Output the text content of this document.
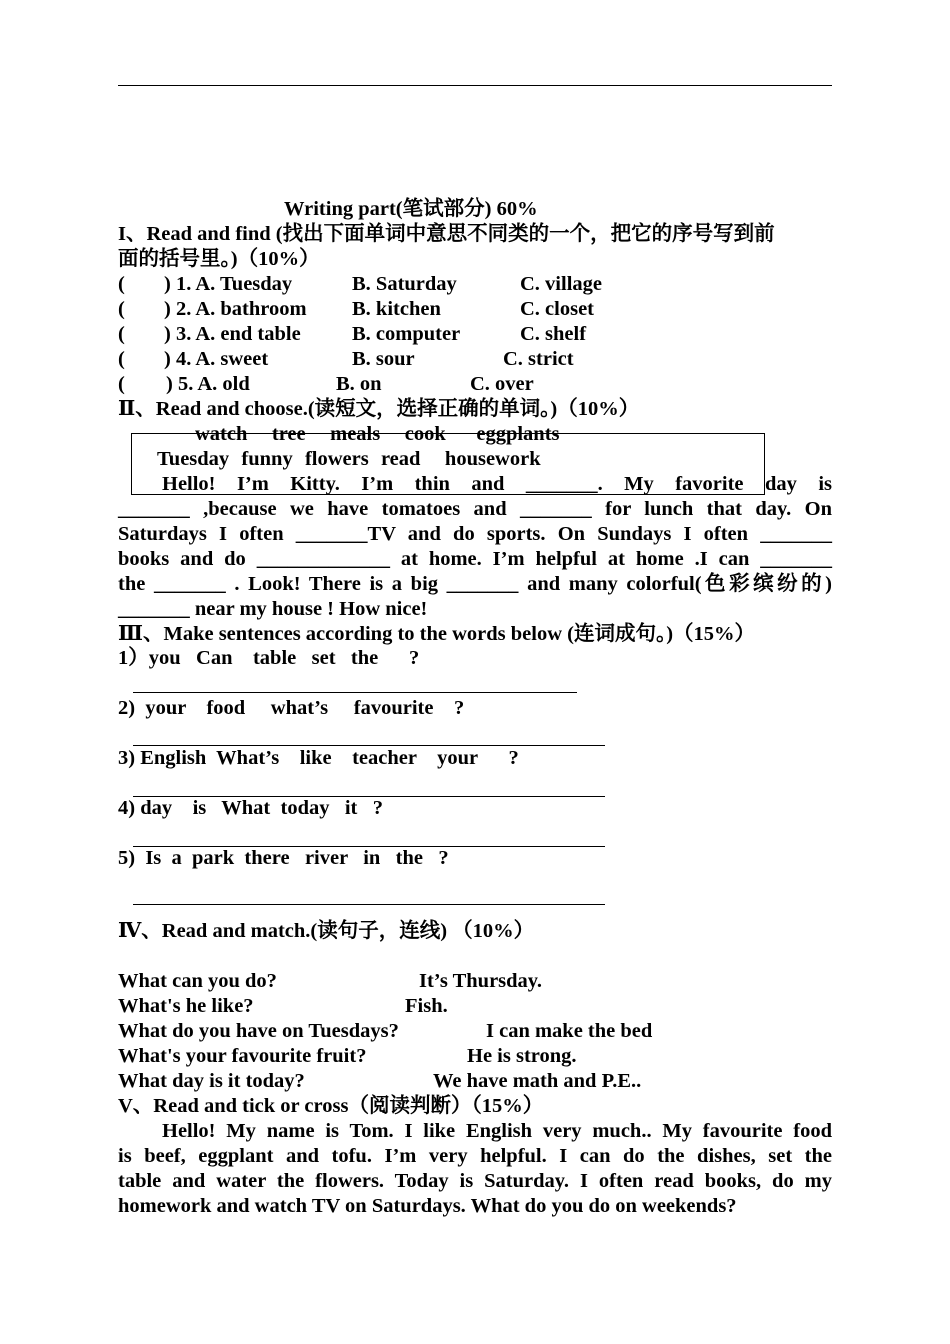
Writing part(笔试部分) 60%
I、Read and find (找出下面单词中意思不同类的一个，把它的序号写到前
面的括号里。)（10%）
( ) 1. A. Tuesday	B. Saturday	C. village
( ) 2. A. bathroom B. kitchen	C. closet
( ) 3. A. end table	B. computer	C. shelf
( ) 4. A. sweet	B. sour	C. strict
( ) 5. A. old	B. on	C. over
Ⅱ、Read and choose.(读短文，选择正确的单词。)（10%）
watch    tree    meals    cook     eggplants
Tuesday  funny  flowers  read    housework
Hello! I’m Kitty. I’m thin and _______. My favorite day is
_______ ,because we have tomatoes and _______ for lunch that day. On
Saturdays I often _______TV and do sports. On Sundays I often _______
books and do _____________ at home. I’m helpful at home .I can _______
the _______ . Look! There is a big _______ and many colorful(色彩缤纷的)
_______ near my house ! How nice!
Ⅲ、Make sentences according to the words below (连词成句。)（15%）
1）you   Can    table   set   the      ?
2)  your    food     what’s     favourite    ?
3) English  What’s    like    teacher    your      ?
4) day    is   What  today   it   ?
5)  Is  a  park  there   river   in   the   ?
Ⅳ、Read and match.(读句子，连线) （10%）
What can you do?	It’s Thursday.
What's he like?	Fish.
What do you have on Tuesdays?	I can make the bed
What's your favourite fruit?	He is strong.
What day is it today?	We have math and P.E..
V、Read and tick or cross（阅读判断）（15%）
Hello! My name is Tom. I like English very much.. My favourite food
is beef, eggplant and tofu. I’m very helpful. I can do the dishes, set the
table and water the flowers. Today is Saturday. I often read books, do my
homework and watch TV on Saturdays. What do you do on weekends?
